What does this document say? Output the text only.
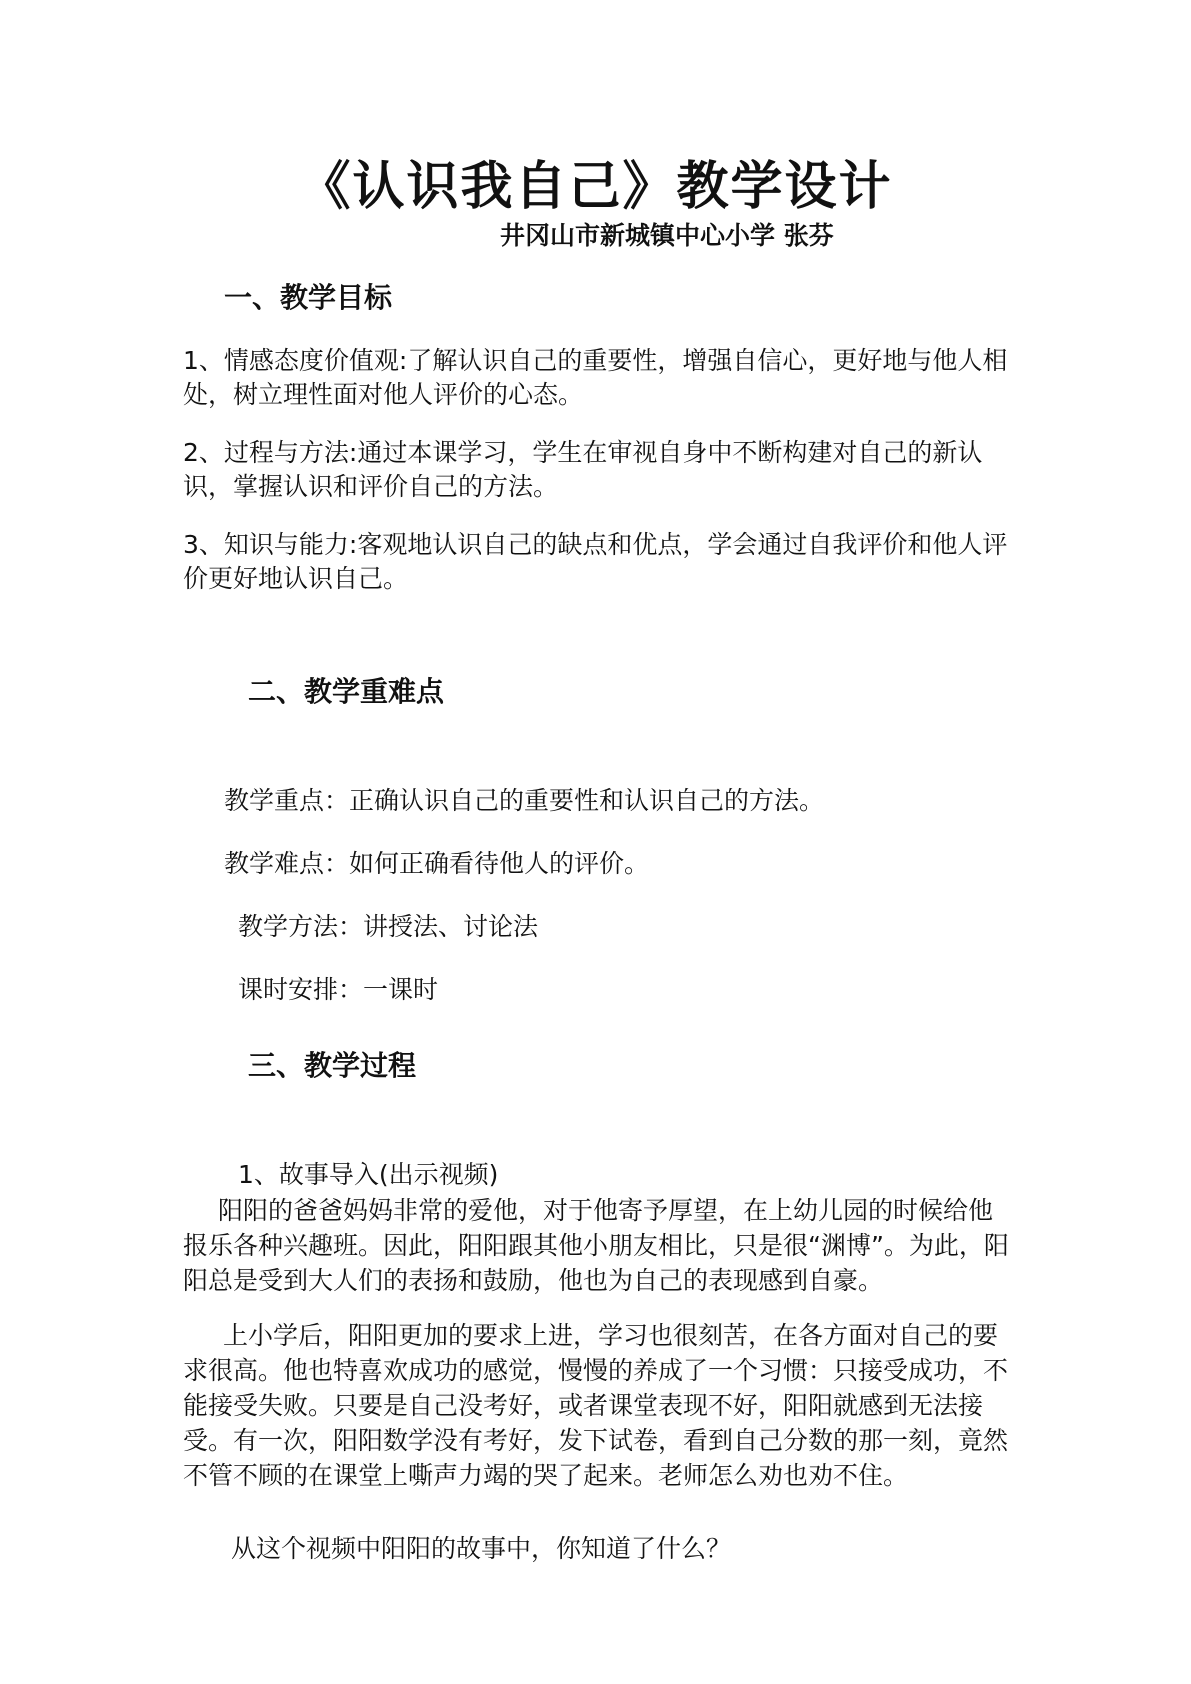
《认识我自己》教学设计
井冈山市新城镇中心小学 张芬
一、教学目标
1、情感态度价值观:了解认识自己的重要性，增强自信心，更好地与他人相处，树立理性面对他人评价的心态。
2、过程与方法:通过本课学习，学生在审视自身中不断构建对自己的新认识，掌握认识和评价自己的方法。
3、知识与能力:客观地认识自己的缺点和优点，学会通过自我评价和他人评价更好地认识自己。
二、教学重难点
教学重点：正确认识自己的重要性和认识自己的方法。
教学难点：如何正确看待他人的评价。
教学方法：讲授法、讨论法
课时安排：一课时
三、教学过程
1、故事导入(出示视频)
阳阳的爸爸妈妈非常的爱他，对于他寄予厚望，在上幼儿园的时候给他报乐各种兴趣班。因此，阳阳跟其他小朋友相比，只是很“渊博”。为此，阳阳总是受到大人们的表扬和鼓励，他也为自己的表现感到自豪。
上小学后，阳阳更加的要求上进，学习也很刻苦，在各方面对自己的要求很高。他也特喜欢成功的感觉，慢慢的养成了一个习惯：只接受成功，不能接受失败。只要是自己没考好，或者课堂表现不好，阳阳就感到无法接受。有一次，阳阳数学没有考好，发下试卷，看到自己分数的那一刻，竟然不管不顾的在课堂上嘶声力竭的哭了起来。老师怎么劝也劝不住。
从这个视频中阳阳的故事中，你知道了什么？
